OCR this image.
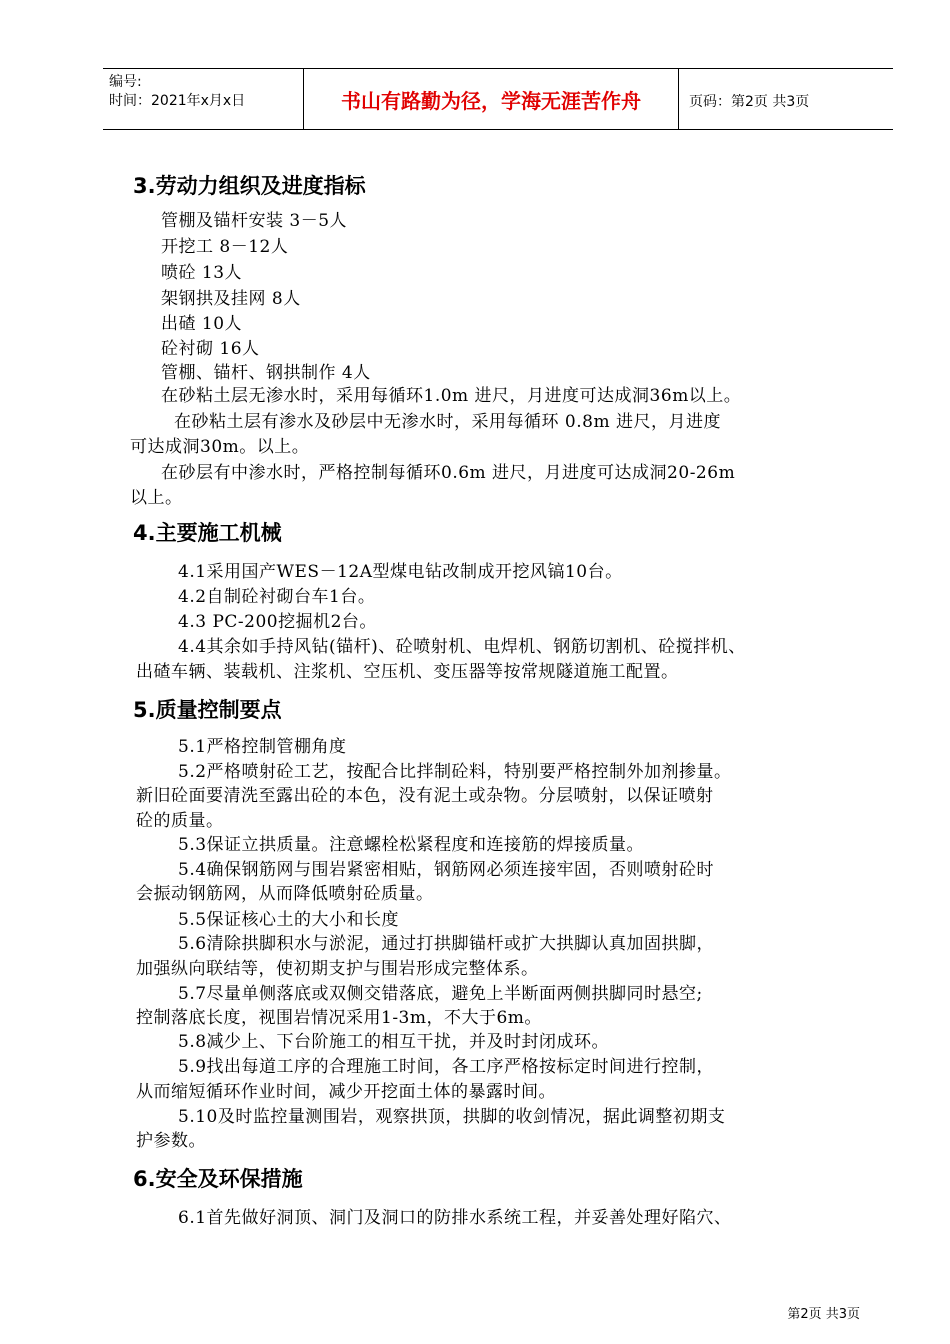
编号:
时间：2021年x月x日	书山有路勤为径，学海无涯苦作舟	页码：第2页 共3页
3.劳动力组织及进度指标
管棚及锚杆安装 3－5人
开挖工 8－12人
喷砼 13人
架钢拱及挂网 8人
出碴 10人
砼衬砌 16人
管棚、锚杆、钢拱制作 4人
在砂粘土层无渗水时，采用每循环1.0m 进尺，月进度可达成洞36m以上。
在砂粘土层有渗水及砂层中无渗水时，采用每循环 0.8m 进尺，月进度
可达成洞30m。以上。
在砂层有中渗水时，严格控制每循环0.6m 进尺，月进度可达成洞20-26m
以上。
4.主要施工机械
4.1采用国产WES－12A型煤电钻改制成开挖风镐10台。
4.2自制砼衬砌台车1台。
4.3 PC-200挖掘机2台。
4.4其余如手持风钻(锚杆)、砼喷射机、电焊机、钢筋切割机、砼搅拌机、
出碴车辆、装载机、注浆机、空压机、变压器等按常规隧道施工配置。
5.质量控制要点
5.1严格控制管棚角度
5.2严格喷射砼工艺，按配合比拌制砼料，特别要严格控制外加剂掺量。
新旧砼面要清洗至露出砼的本色，没有泥土或杂物。分层喷射，以保证喷射
砼的质量。
5.3保证立拱质量。注意螺栓松紧程度和连接筋的焊接质量。
5.4确保钢筋网与围岩紧密相贴，钢筋网必须连接牢固，否则喷射砼时
会振动钢筋网，从而降低喷射砼质量。
5.5保证核心土的大小和长度
5.6清除拱脚积水与淤泥，通过打拱脚锚杆或扩大拱脚认真加固拱脚，
加强纵向联结等，使初期支护与围岩形成完整体系。
5.7尽量单侧落底或双侧交错落底，避免上半断面两侧拱脚同时悬空;
控制落底长度，视围岩情况采用1-3m，不大于6m。
5.8减少上、下台阶施工的相互干扰，并及时封闭成环。
5.9找出每道工序的合理施工时间，各工序严格按标定时间进行控制，
从而缩短循环作业时间，减少开挖面土体的暴露时间。
5.10及时监控量测围岩，观察拱顶，拱脚的收剑情况，据此调整初期支
护参数。
6.安全及环保措施
6.1首先做好洞顶、洞门及洞口的防排水系统工程，并妥善处理好陷穴、
第2页 共3页
